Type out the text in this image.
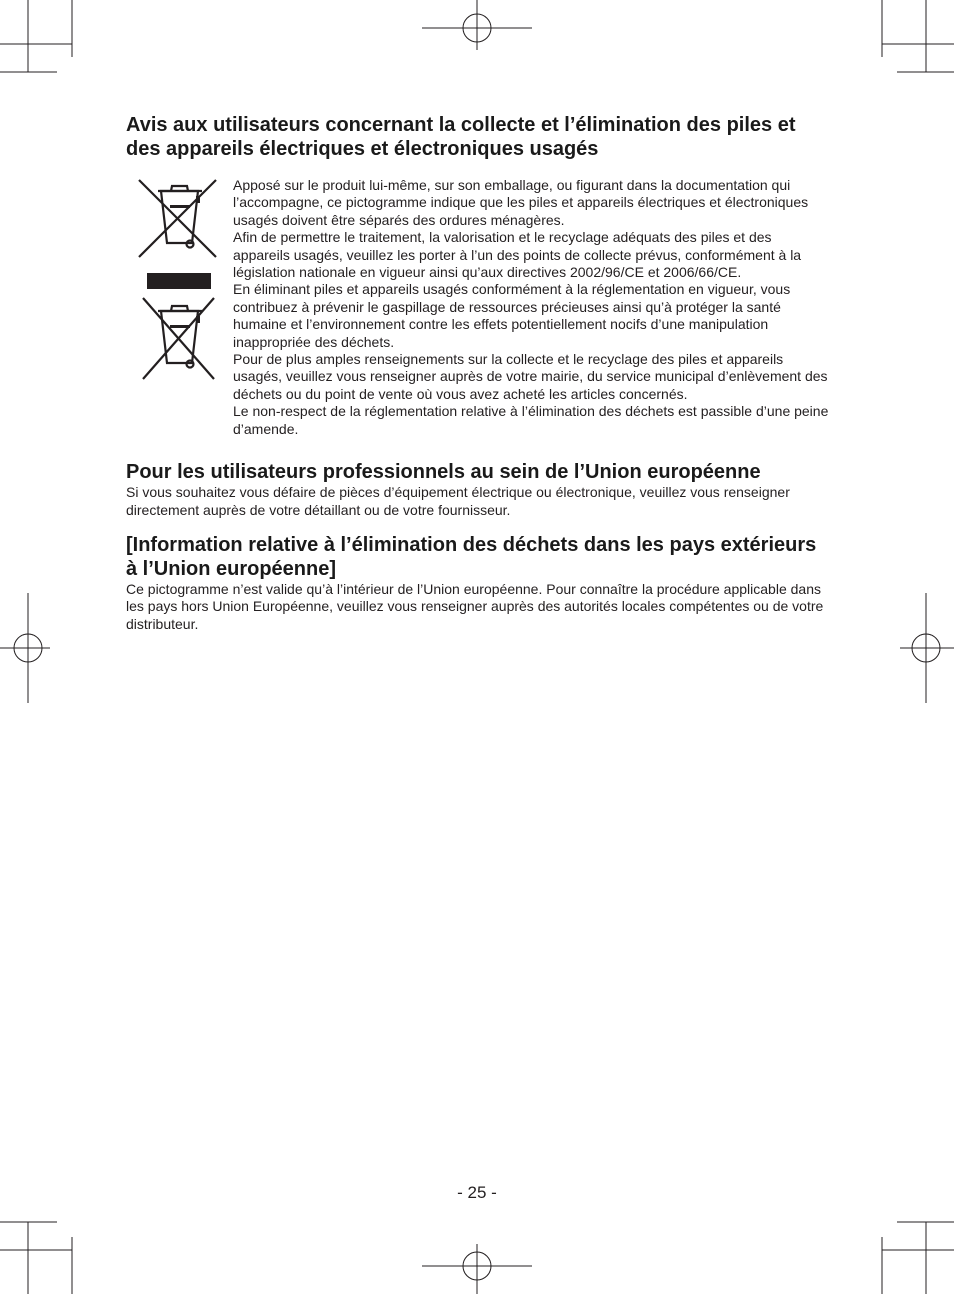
Avis aux utilisateurs concernant la collecte et l’élimination des piles et des appareils électriques et électroniques usagés

Apposé sur le produit lui-même, sur son emballage, ou figurant dans la documentation qui l’accompagne, ce pictogramme indique que les piles et appareils électriques et électroniques usagés doivent être séparés des ordures ménagères.

Afin de permettre le traitement, la valorisation et le recyclage adéquats des piles et des appareils usagés, veuillez les porter à l’un des points de collecte prévus, conformément à la législation nationale en vigueur ainsi qu’aux directives 2002/96/CE et 2006/66/CE.

En éliminant piles et appareils usagés conformément à la réglementation en vigueur, vous contribuez à prévenir le gaspillage de ressources précieuses ainsi qu’à protéger la santé humaine et l’environnement contre les effets potentiellement nocifs d’une manipulation inappropriée des déchets.

Pour de plus amples renseignements sur la collecte et le recyclage des piles et appareils usagés, veuillez vous renseigner auprès de votre mairie, du service municipal d’enlèvement des déchets ou du point de vente où vous avez acheté les articles concernés.

Le non-respect de la réglementation relative à l’élimination des déchets est passible d’une peine d’amende.

Pour les utilisateurs professionnels au sein de l’Union européenne

Si vous souhaitez vous défaire de pièces d’équipement électrique ou électronique, veuillez vous renseigner directement auprès de votre détaillant ou de votre fournisseur.

[Information relative à l’élimination des déchets dans les pays extérieurs à l’Union européenne]

Ce pictogramme n’est valide qu’à l’intérieur de l’Union européenne. Pour connaître la procédure applicable dans les pays hors Union Européenne, veuillez vous renseigner auprès des autorités locales compétentes ou de votre distributeur.

- 25 -
